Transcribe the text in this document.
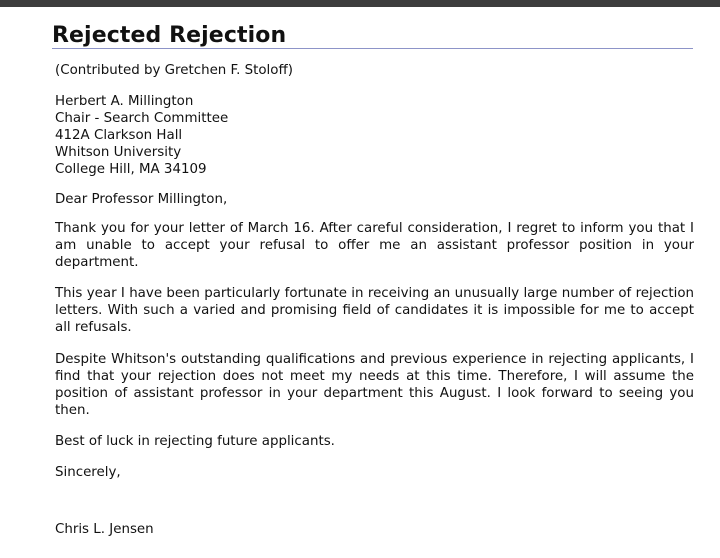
Rejected Rejection

(Contributed by Gretchen F. Stoloff)

Herbert A. Millington
Chair - Search Committee
412A Clarkson Hall
Whitson University
College Hill, MA 34109

Dear Professor Millington,

Thank you for your letter of March 16. After careful consideration, I regret to inform you that I am unable to accept your refusal to offer me an assistant professor position in your department.

This year I have been particularly fortunate in receiving an unusually large number of rejection letters. With such a varied and promising field of candidates it is impossible for me to accept all refusals.

Despite Whitson's outstanding qualifications and previous experience in rejecting applicants, I find that your rejection does not meet my needs at this time. Therefore, I will assume the position of assistant professor in your department this August. I look forward to seeing you then.

Best of luck in rejecting future applicants.

Sincerely,

Chris L. Jensen
